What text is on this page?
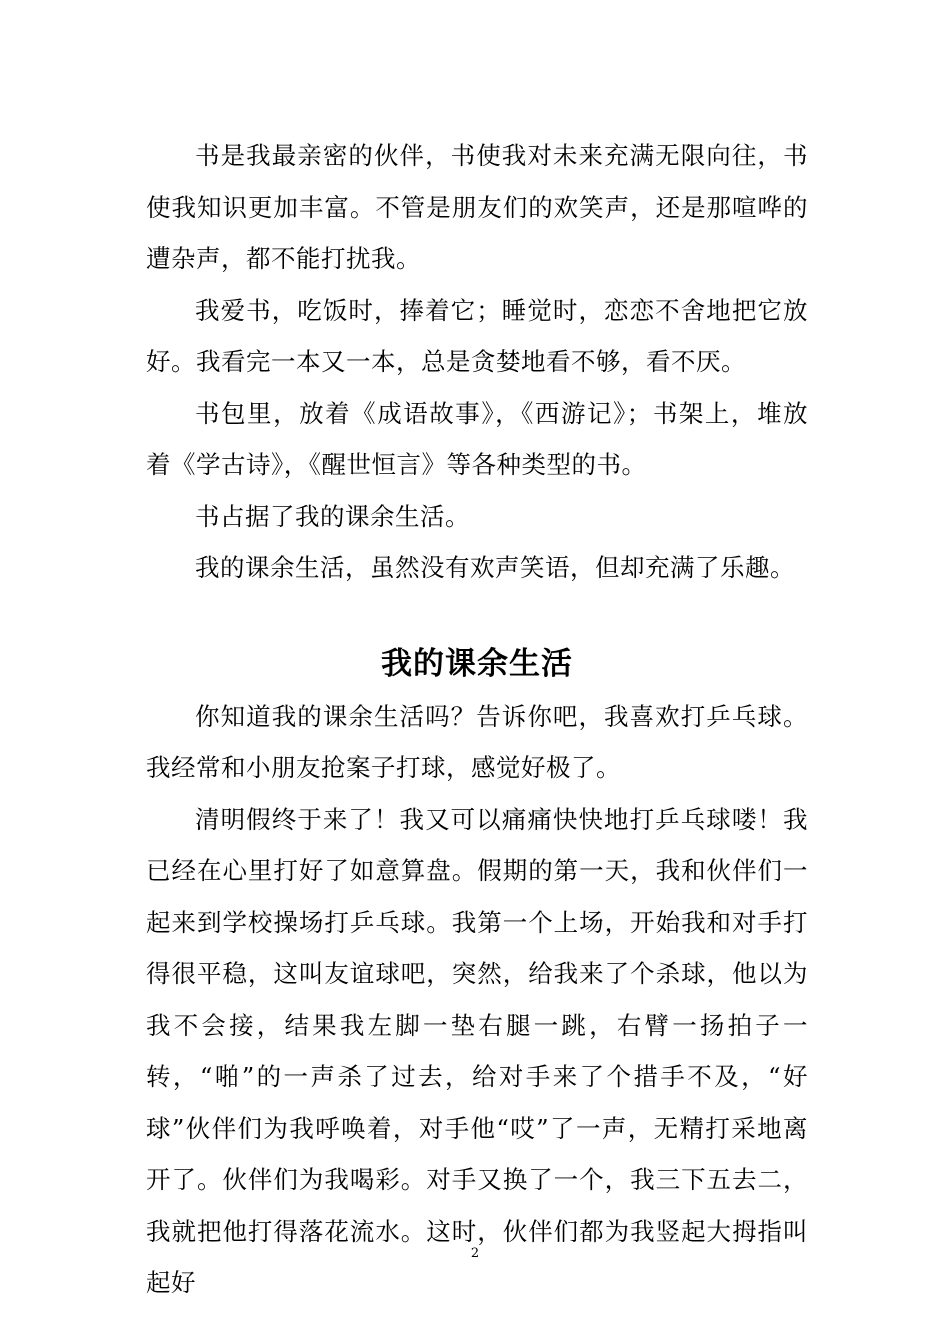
书是我最亲密的伙伴，书使我对未来充满无限向往，书使我知识更加丰富。不管是朋友们的欢笑声，还是那喧哗的遭杂声，都不能打扰我。

我爱书，吃饭时，捧着它；睡觉时，恋恋不舍地把它放好。我看完一本又一本，总是贪婪地看不够，看不厌。

书包里，放着《成语故事》，《西游记》；书架上，堆放着《学古诗》，《醒世恒言》等各种类型的书。

书占据了我的课余生活。

我的课余生活，虽然没有欢声笑语，但却充满了乐趣。

我的课余生活

你知道我的课余生活吗？告诉你吧，我喜欢打乒乓球。我经常和小朋友抢案子打球，感觉好极了。

清明假终于来了！我又可以痛痛快快地打乒乓球喽！我已经在心里打好了如意算盘。假期的第一天，我和伙伴们一起来到学校操场打乒乓球。我第一个上场，开始我和对手打得很平稳，这叫友谊球吧，突然，给我来了个杀球，他以为我不会接，结果我左脚一垫右腿一跳，右臂一扬拍子一转，“啪”的一声杀了过去，给对手来了个措手不及，“好球”伙伴们为我呼唤着，对手他“哎”了一声，无精打采地离开了。伙伴们为我喝彩。对手又换了一个，我三下五去二，我就把他打得落花流水。这时，伙伴们都为我竖起大拇指叫起好

2
